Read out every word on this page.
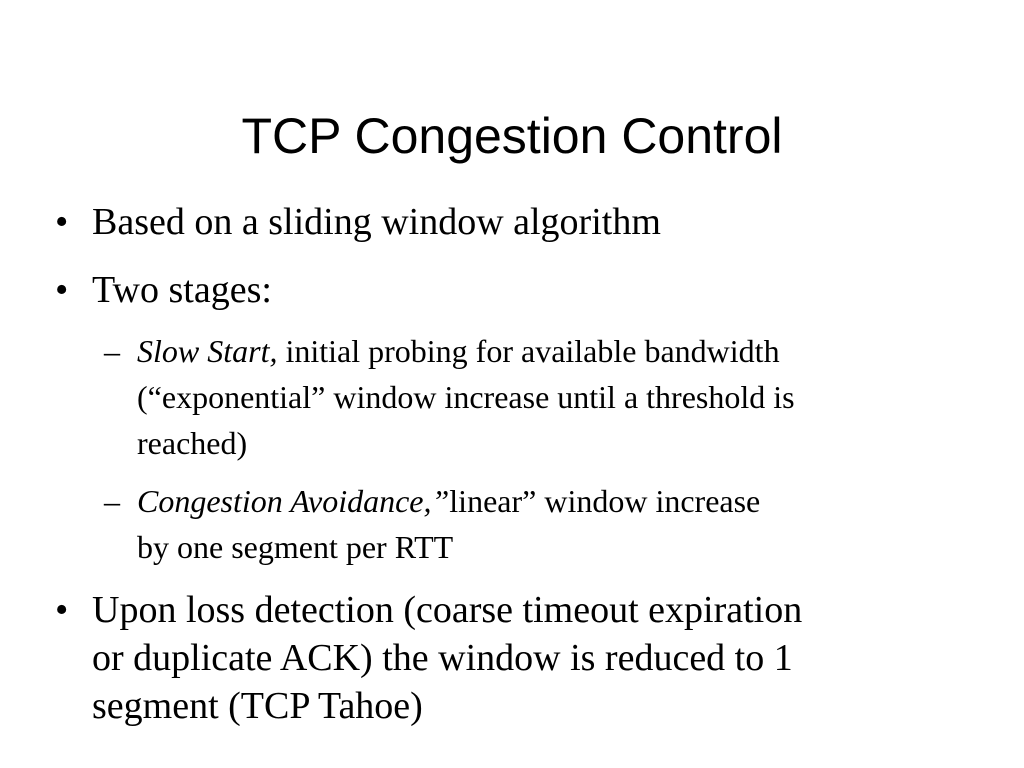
TCP Congestion Control
• Based on a sliding window algorithm
• Two stages:
– Slow Start, initial probing for available bandwidth
(“exponential” window increase until a threshold is
reached)
– Congestion Avoidance,”linear” window increase
by one segment per RTT
• Upon loss detection (coarse timeout expiration
or duplicate ACK) the window is reduced to 1
segment (TCP Tahoe)
